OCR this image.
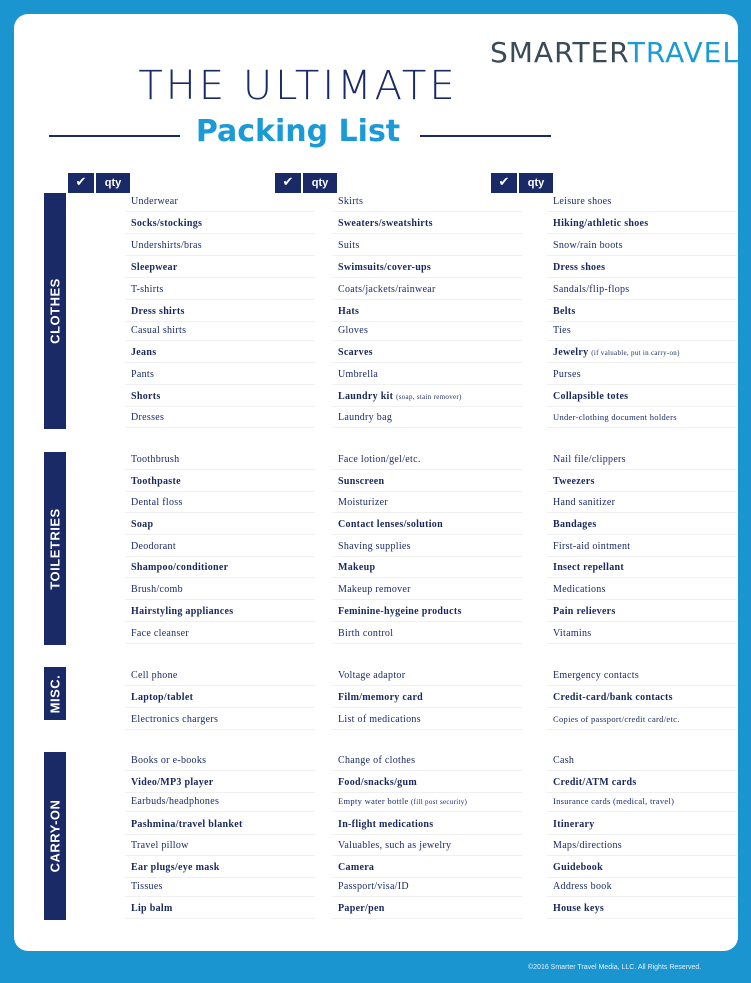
SMARTERTRAVEL
THE ULTIMATE
Packing List
✔	qty	✔	qty	✔	qty
CLOTHES
Underwear
Socks/stockings
Undershirts/bras
Sleepwear
T-shirts
Dress shirts
Casual shirts
Jeans
Pants
Shorts
Dresses
Skirts
Sweaters/sweatshirts
Suits
Swimsuits/cover-ups
Coats/jackets/rainwear
Hats
Gloves
Scarves
Umbrella
Laundry kit (soap, stain remover)
Laundry bag
Leisure shoes
Hiking/athletic shoes
Snow/rain boots
Dress shoes
Sandals/flip-flops
Belts
Ties
Jewelry (if valuable, put in carry-on)
Purses
Collapsible totes
Under-clothing document holders
TOILETRIES
Toothbrush
Toothpaste
Dental floss
Soap
Deodorant
Shampoo/conditioner
Brush/comb
Hairstyling appliances
Face cleanser
Face lotion/gel/etc.
Sunscreen
Moisturizer
Contact lenses/solution
Shaving supplies
Makeup
Makeup remover
Feminine-hygeine products
Birth control
Nail file/clippers
Tweezers
Hand sanitizer
Bandages
First-aid ointment
Insect repellant
Medications
Pain relievers
Vitamins
MISC.	Cell phone
Laptop/tablet
Electronics chargers
Voltage adaptor
Film/memory card
List of medications
Emergency contacts
Credit-card/bank contacts
Copies of passport/credit card/etc.
CARRY-ON
Books or e-books
Video/MP3 player
Earbuds/headphones
Pashmina/travel blanket
Travel pillow
Ear plugs/eye mask
Tissues
Lip balm
Change of clothes
Food/snacks/gum
Empty water bottle (fill post security)
In-flight medications
Valuables, such as jewelry
Camera
Passport/visa/ID
Paper/pen
Cash
Credit/ATM cards
Insurance cards (medical, travel)
Itinerary
Maps/directions
Guidebook
Address book
House keys
©2016 Smarter Travel Media, LLC. All Rights Reserved.
